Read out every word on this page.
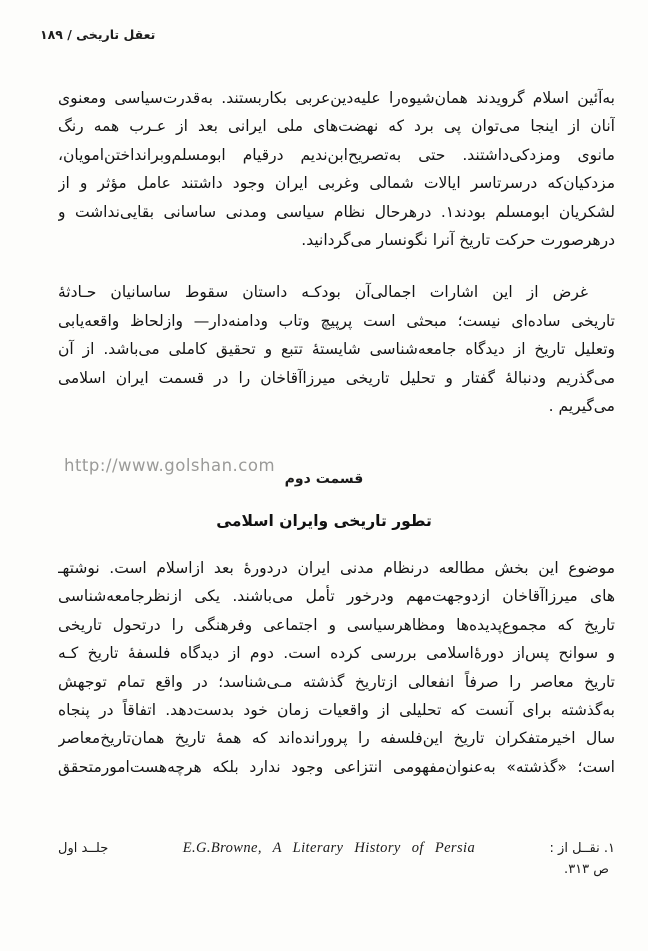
تعقل تاریخی / ۱۸۹
به‌آئین اسلام گرویدند همان‌شیوه‌را علیه‌دین‌عربی بکاربستند. به‌قدرت‌سیاسی ومعنوی
آنان از اینجا می‌توان پی برد که نهضت‌های ملی ایرانی بعد از عـرب همه رنگ
مانوی ومزدکی‌داشتند. حتی به‌تصریح‌ابن‌ندیم درقیام ابومسلم‌وبرانداختن‌امویان،
مزدکیان‌که درسرتاسر ایالات شمالی وغربی ایران وجود داشتند عامل مؤثر و از
لشکریان ابومسلم بودند۱. درهرحال نظام سیاسی ومدنی ساسانی بقایی‌نداشت و
درهرصورت حرکت تاریخ آنرا نگونسار می‌گردانید.
غرض از این اشارات اجمالی‌آن بودکـه داستان سقوط ساسانیان حـادثهٔ
تاریخی ساده‌ای نیست؛ مبحثی است پرپیچ وتاب ودامنه‌دار— وازلحاظ واقعه‌یابی
وتعلیل تاریخ از دیدگاه جامعه‌شناسی شایستهٔ تتبع و تحقیق کاملی می‌باشد. از آن
می‌گذریم ودنبالهٔ گفتار و تحلیل تاریخی میرزاآقاخان را در قسمت ایران اسلامی
می‌گیریم .
http://www.golshan.com
قسمت دوم
تطور تاریخی وایران اسلامی
موضوع این بخش مطالعه درنظام مدنی ایران دردورهٔ بعد ازاسلام است. نوشتهـ
های میرزاآقاخان ازدوجهت‌مهم ودرخور تأمل می‌باشند. یکی ازنظرجامعه‌شناسی
تاریخ که مجموع‌پدیده‌ها ومظاهرسیاسی و اجتماعی وفرهنگی را درتحول تاریخی
و سوانح پس‌از دورهٔ‌اسلامی بررسی کرده است. دوم از دیدگاه فلسفهٔ تاریخ کـه
تاریخ معاصر را صرفاً انفعالی ازتاریخ گذشته مـی‌شناسد؛ در واقع تمام توجهش
به‌گذشته برای آنست که تحلیلی از واقعیات زمان خود بدست‌دهد. اتفاقاً در پنجاه
سال اخیرمتفکران تاریخ این‌فلسفه را پرورانده‌اند که همهٔ تاریخ همان‌تاریخ‌معاصر
است؛ «گذشته» به‌عنوان‌مفهومی انتزاعی وجود ندارد بلکه هرچه‌هست‌امورمتحقق
۱. نقــل از :
E.G.Browne, A Literary History of Persia
جلــد اول
ص ۳۱۳.
